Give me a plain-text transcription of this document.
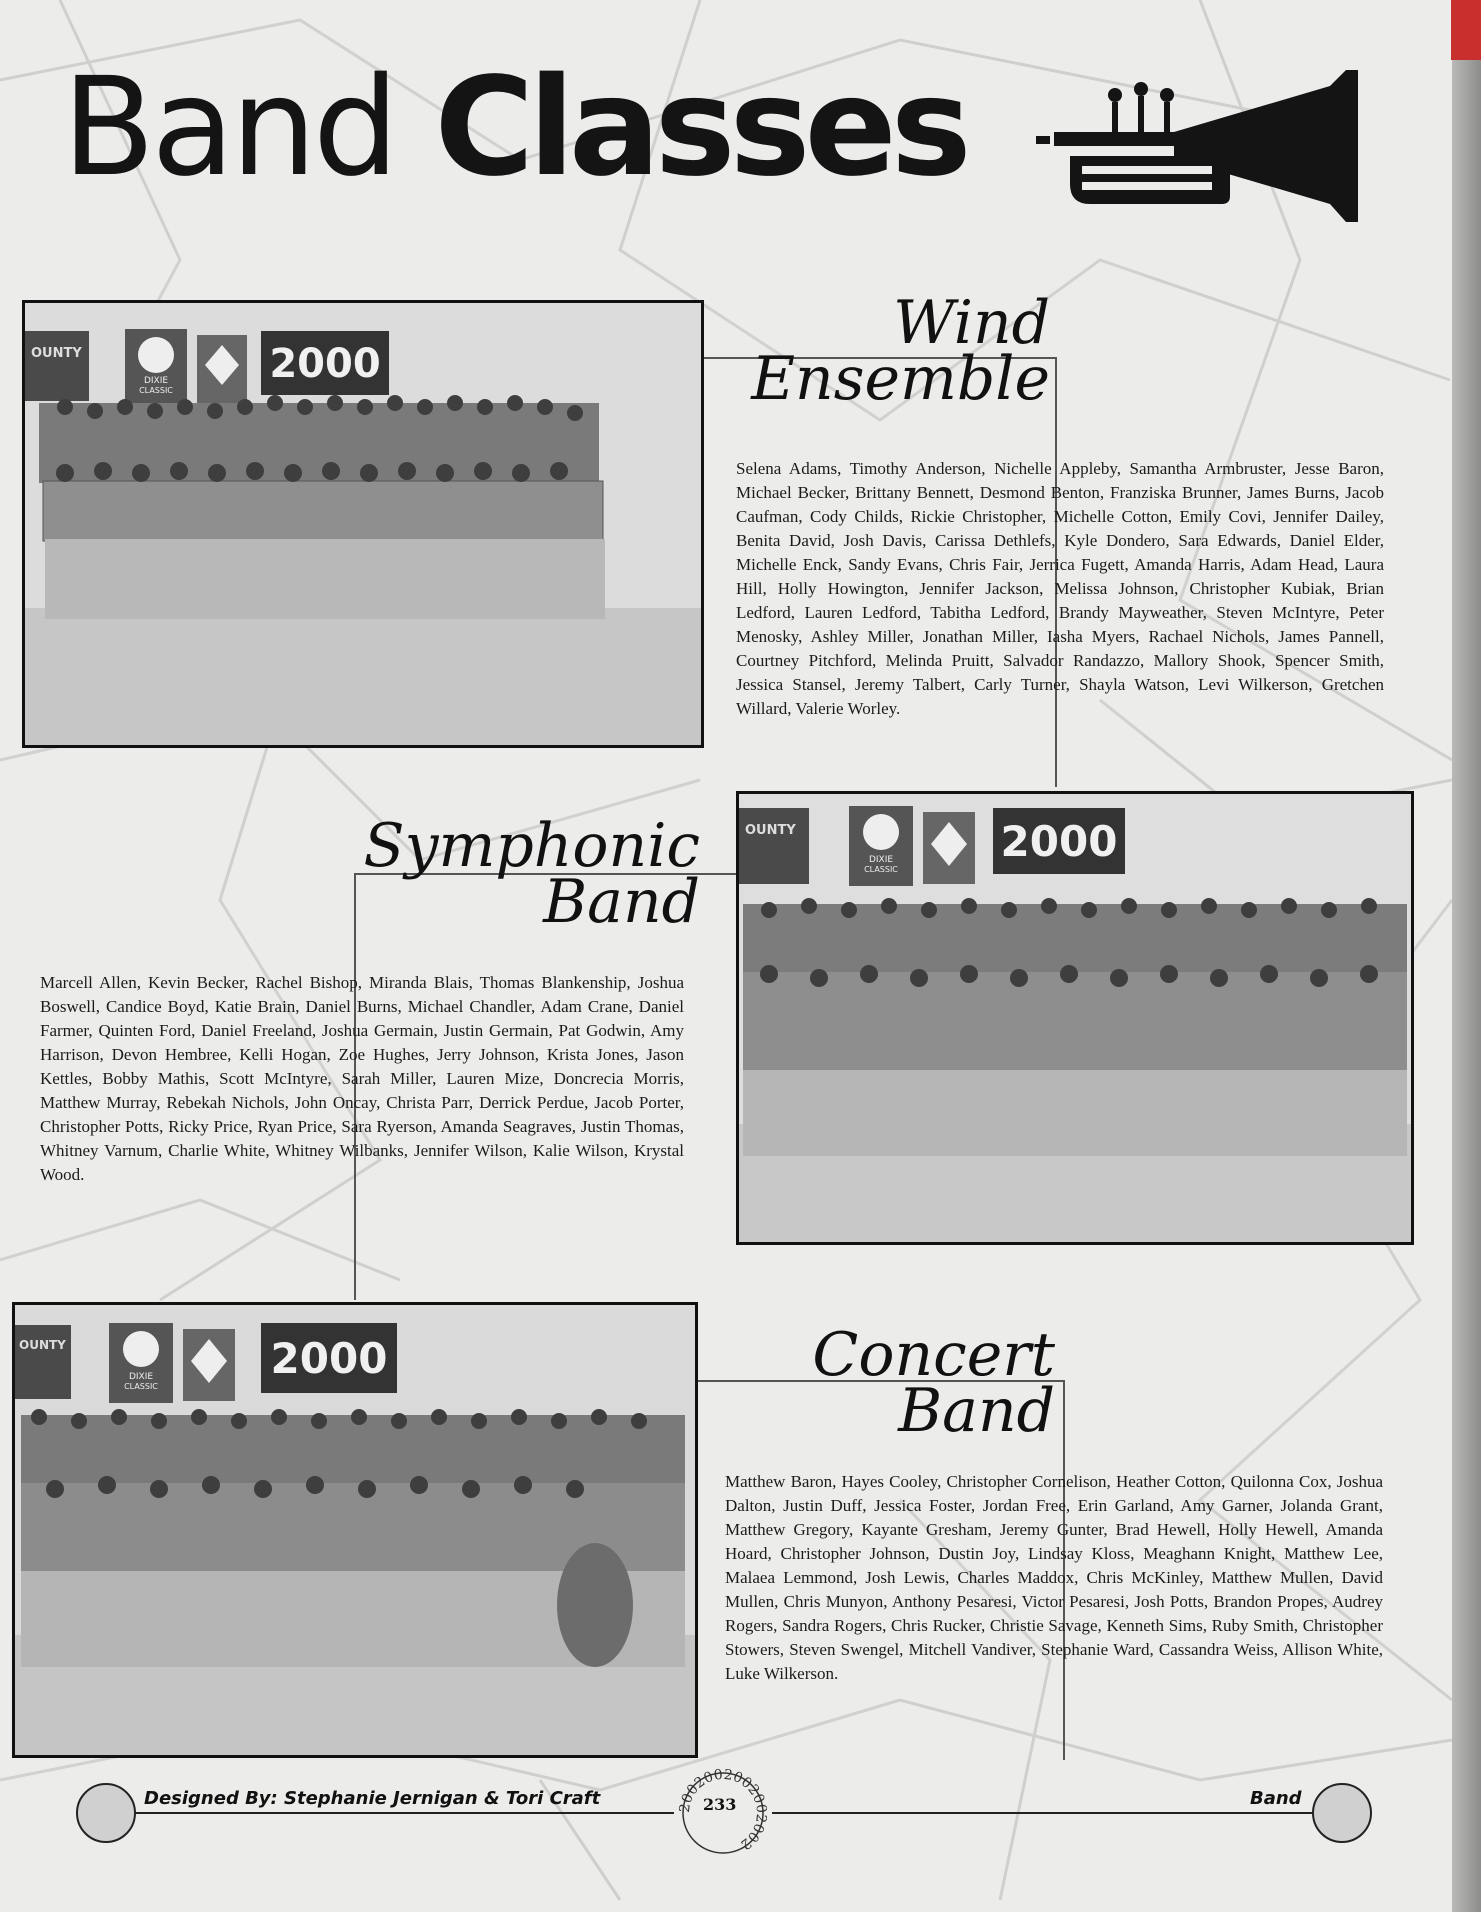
Band Classes
OUNTY
DIXIE
CLASSIC
2000
Wind
Ensemble
Selena Adams, Timothy Anderson, Nichelle Appleby, Samantha Armbruster, Jesse Baron, Michael Becker, Brittany Bennett, Desmond Benton, Franziska Brunner, James Burns, Jacob Caufman, Cody Childs, Rickie Christopher, Michelle Cotton, Emily Covi, Jennifer Dailey, Benita David, Josh Davis, Carissa Dethlefs, Kyle Dondero, Sara Edwards, Daniel Elder, Michelle Enck, Sandy Evans, Chris Fair, Jerrica Fugett, Amanda Harris, Adam Head, Laura Hill, Holly Howington, Jennifer Jackson, Melissa Johnson, Christopher Kubiak, Brian Ledford, Lauren Ledford, Tabitha Ledford, Brandy Mayweather, Steven McIntyre, Peter Menosky, Ashley Miller, Jonathan Miller, Iasha Myers, Rachael Nichols, James Pannell, Courtney Pitchford, Melinda Pruitt, Salvador Randazzo, Mallory Shook, Spencer Smith, Jessica Stansel, Jeremy Talbert, Carly Turner, Shayla Watson, Levi Wilkerson, Gretchen Willard, Valerie Worley.
Symphonic
Band
Marcell Allen, Kevin Becker, Rachel Bishop, Miranda Blais, Thomas Blankenship, Joshua Boswell, Candice Boyd, Katie Brain, Daniel Burns, Michael Chandler, Adam Crane, Daniel Farmer, Quinten Ford, Daniel Freeland, Joshua Germain, Justin Germain, Pat Godwin, Amy Harrison, Devon Hembree, Kelli Hogan, Zoe Hughes, Jerry Johnson, Krista Jones, Jason Kettles, Bobby Mathis, Scott McIntyre, Sarah Miller, Lauren Mize, Doncrecia Morris, Matthew Murray, Rebekah Nichols, John Oncay, Christa Parr, Derrick Perdue, Jacob Porter, Christopher Potts, Ricky Price, Ryan Price, Sara Ryerson, Amanda Seagraves, Justin Thomas, Whitney Varnum, Charlie White, Whitney Wilbanks, Jennifer Wilson, Kalie Wilson, Krystal Wood.
OUNTY
DIXIE
CLASSIC
2000
OUNTY
DIXIE
CLASSIC
2000	Concert
Band
Matthew Baron, Hayes Cooley, Christopher Cornelison, Heather Cotton, Quilonna Cox, Joshua Dalton, Justin Duff, Jessica Foster, Jordan Free, Erin Garland, Amy Garner, Jolanda Grant, Matthew Gregory, Kayante Gresham, Jeremy Gunter, Brad Hewell, Holly Hewell, Amanda Hoard, Christopher Johnson, Dustin Joy, Lindsay Kloss, Meaghann Knight, Matthew Lee, Malaea Lemmond, Josh Lewis, Charles Maddox, Chris McKinley, Matthew Mullen, David Mullen, Chris Munyon, Anthony Pesaresi, Victor Pesaresi, Josh Potts, Brandon Propes, Audrey Rogers, Sandra Rogers, Chris Rucker, Christie Savage, Kenneth Sims, Ruby Smith, Christopher Stowers, Steven Swengel, Mitchell Vandiver, Stephanie Ward, Cassandra Weiss, Allison White, Luke Wilkerson.
Designed By: Stephanie Jernigan & Tori Craft	Band
2002002002002002
233
